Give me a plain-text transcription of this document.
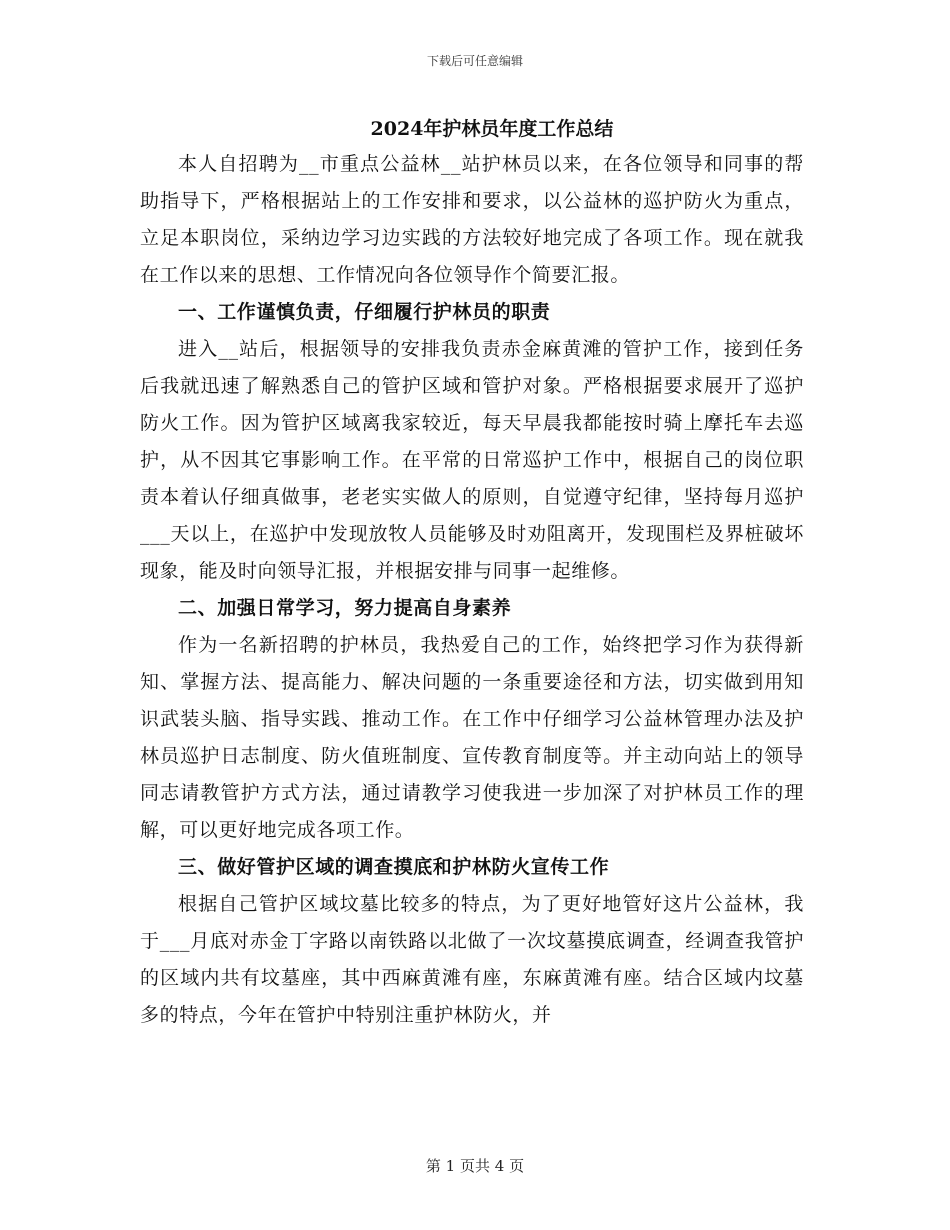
下载后可任意编辑
2024年护林员年度工作总结

本人自招聘为__市重点公益林__站护林员以来，在各位领导和同事的帮助指导下，严格根据站上的工作安排和要求，以公益林的巡护防火为重点，立足本职岗位，采纳边学习边实践的方法较好地完成了各项工作。现在就我在工作以来的思想、工作情况向各位领导作个简要汇报。

一、工作谨慎负责，仔细履行护林员的职责

进入__站后，根据领导的安排我负责赤金麻黄滩的管护工作，接到任务后我就迅速了解熟悉自己的管护区域和管护对象。严格根据要求展开了巡护防火工作。因为管护区域离我家较近，每天早晨我都能按时骑上摩托车去巡护，从不因其它事影响工作。在平常的日常巡护工作中，根据自己的岗位职责本着认仔细真做事，老老实实做人的原则，自觉遵守纪律，坚持每月巡护___天以上，在巡护中发现放牧人员能够及时劝阻离开，发现围栏及界桩破坏现象，能及时向领导汇报，并根据安排与同事一起维修。

二、加强日常学习，努力提高自身素养

作为一名新招聘的护林员，我热爱自己的工作，始终把学习作为获得新知、掌握方法、提高能力、解决问题的一条重要途径和方法，切实做到用知识武装头脑、指导实践、推动工作。在工作中仔细学习公益林管理办法及护林员巡护日志制度、防火值班制度、宣传教育制度等。并主动向站上的领导同志请教管护方式方法，通过请教学习使我进一步加深了对护林员工作的理解，可以更好地完成各项工作。

三、做好管护区域的调查摸底和护林防火宣传工作

根据自己管护区域坟墓比较多的特点，为了更好地管好这片公益林，我于___月底对赤金丁字路以南铁路以北做了一次坟墓摸底调查，经调查我管护的区域内共有坟墓座，其中西麻黄滩有座，东麻黄滩有座。结合区域内坟墓多的特点，今年在管护中特别注重护林防火，并

第 1 页共 4 页
